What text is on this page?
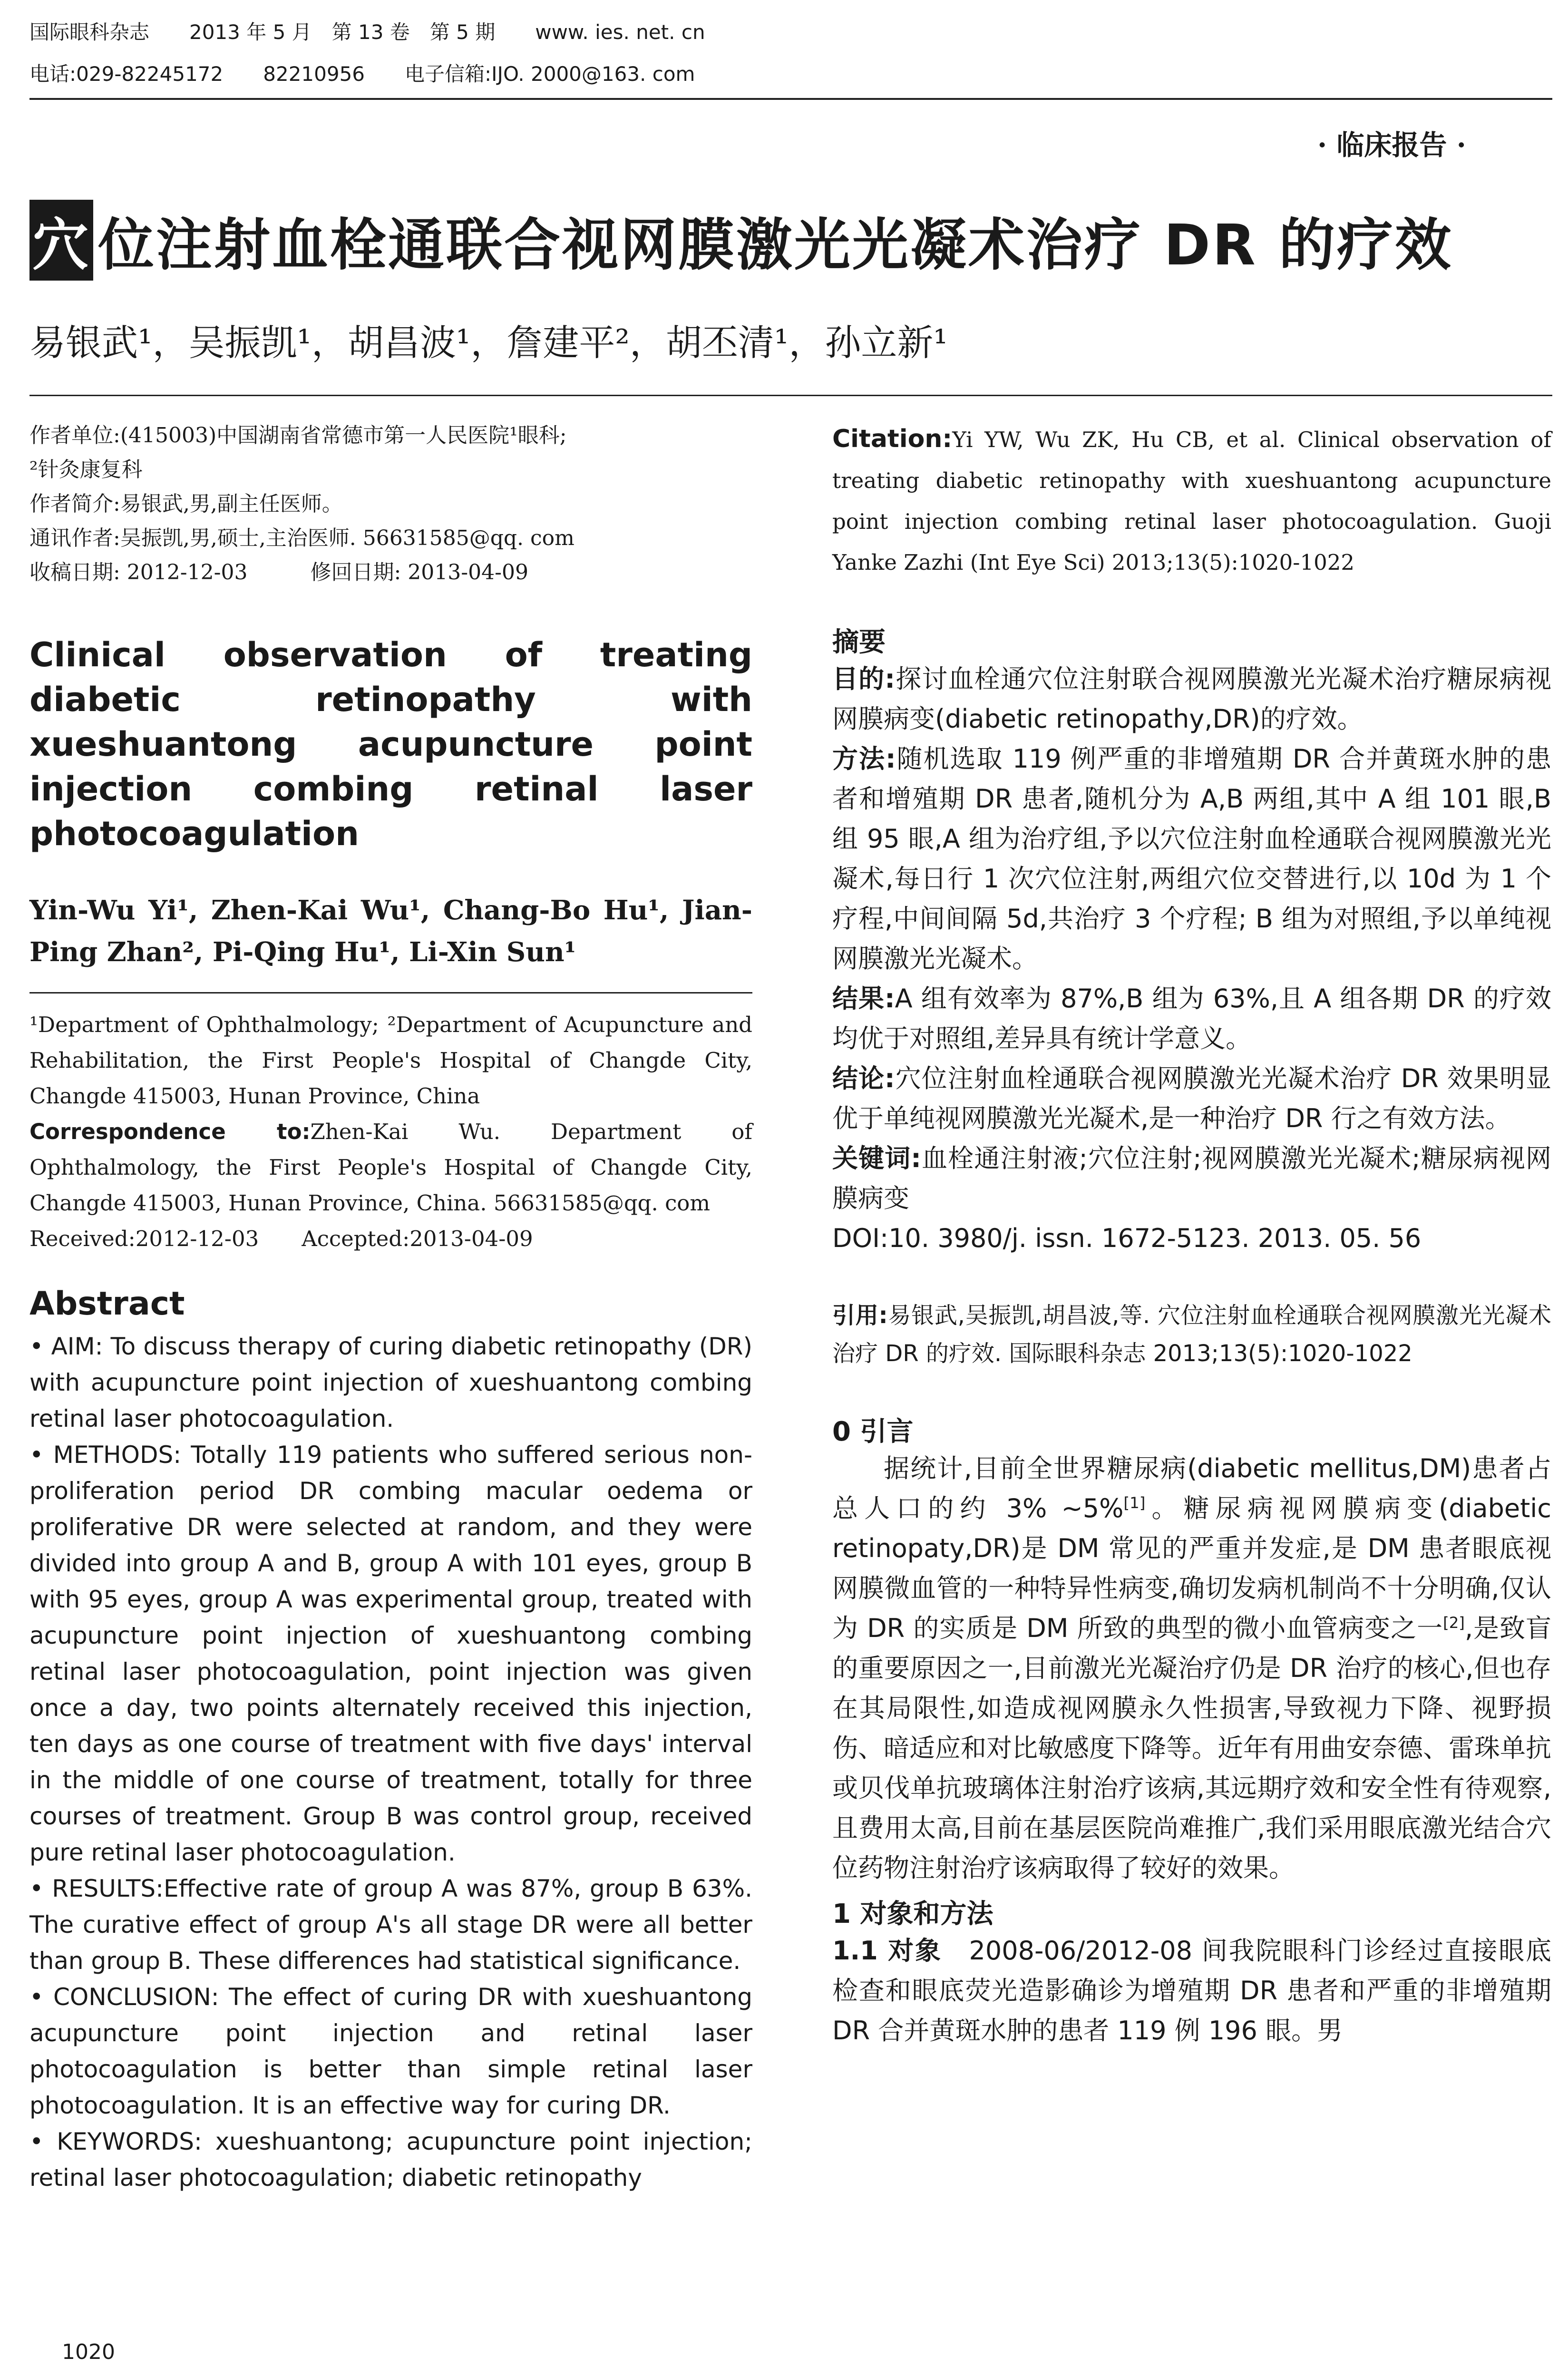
国际眼科杂志　　2013 年 5 月　第 13 卷　第 5 期　　www. ies. net. cn
电话:029-82245172　　82210956　　电子信箱:IJO. 2000@163. com
· 临床报告 ·
穴 位注射血栓通联合视网膜激光光凝术治疗 DR 的疗效
易银武¹，吴振凯¹，胡昌波¹，詹建平²，胡丕清¹，孙立新¹
作者单位:(415003)中国湖南省常德市第一人民医院¹眼科;
²针灸康复科
作者简介:易银武,男,副主任医师。
通讯作者:吴振凯,男,硕士,主治医师. 56631585@qq. com
收稿日期: 2012-12-03　　　修回日期: 2013-04-09
Clinical observation of treating diabetic retinopathy with xueshuantong acupuncture point injection combing retinal laser photocoagulation
Yin-Wu Yi¹, Zhen-Kai Wu¹, Chang-Bo Hu¹, Jian-Ping Zhan², Pi-Qing Hu¹, Li-Xin Sun¹
¹Department of Ophthalmology; ²Department of Acupuncture and Rehabilitation, the First People's Hospital of Changde City, Changde 415003, Hunan Province, China
Correspondence to:Zhen-Kai Wu. Department of Ophthalmology, the First People's Hospital of Changde City, Changde 415003, Hunan Province, China. 56631585@qq. com
Received:2012-12-03　　Accepted:2013-04-09
Abstract

• AIM: To discuss therapy of curing diabetic retinopathy (DR) with acupuncture point injection of xueshuantong combing retinal laser photocoagulation.

• METHODS: Totally 119 patients who suffered serious non-proliferation period DR combing macular oedema or proliferative DR were selected at random, and they were divided into group A and B, group A with 101 eyes, group B with 95 eyes, group A was experimental group, treated with acupuncture point injection of xueshuantong combing retinal laser photocoagulation, point injection was given once a day, two points alternately received this injection, ten days as one course of treatment with five days' interval in the middle of one course of treatment, totally for three courses of treatment. Group B was control group, received pure retinal laser photocoagulation.

• RESULTS:Effective rate of group A was 87%, group B 63%. The curative effect of group A's all stage DR were all better than group B. These differences had statistical significance.

• CONCLUSION: The effect of curing DR with xueshuantong acupuncture point injection and retinal laser photocoagulation is better than simple retinal laser photocoagulation. It is an effective way for curing DR.

• KEYWORDS: xueshuantong; acupuncture point injection; retinal laser photocoagulation; diabetic retinopathy

Citation:Yi YW, Wu ZK, Hu CB, et al. Clinical observation of treating diabetic retinopathy with xueshuantong acupuncture point injection combing retinal laser photocoagulation. Guoji Yanke Zazhi (Int Eye Sci) 2013;13(5):1020-1022
摘要

目的:探讨血栓通穴位注射联合视网膜激光光凝术治疗糖尿病视网膜病变(diabetic retinopathy,DR)的疗效。

方法:随机选取 119 例严重的非增殖期 DR 合并黄斑水肿的患者和增殖期 DR 患者,随机分为 A,B 两组,其中 A 组 101 眼,B 组 95 眼,A 组为治疗组,予以穴位注射血栓通联合视网膜激光光凝术,每日行 1 次穴位注射,两组穴位交替进行,以 10d 为 1 个疗程,中间间隔 5d,共治疗 3 个疗程; B 组为对照组,予以单纯视网膜激光光凝术。

结果:A 组有效率为 87%,B 组为 63%,且 A 组各期 DR 的疗效均优于对照组,差异具有统计学意义。

结论:穴位注射血栓通联合视网膜激光光凝术治疗 DR 效果明显优于单纯视网膜激光光凝术,是一种治疗 DR 行之有效方法。

关键词:血栓通注射液;穴位注射;视网膜激光光凝术;糖尿病视网膜病变

DOI:10. 3980/j. issn. 1672-5123. 2013. 05. 56

引用:易银武,吴振凯,胡昌波,等. 穴位注射血栓通联合视网膜激光光凝术治疗 DR 的疗效. 国际眼科杂志 2013;13(5):1020-1022

0 引言

据统计,目前全世界糖尿病(diabetic mellitus,DM)患者占总人口的约 3% ~5%[1]。糖尿病视网膜病变(diabetic retinopaty,DR)是 DM 常见的严重并发症,是 DM 患者眼底视网膜微血管的一种特异性病变,确切发病机制尚不十分明确,仅认为 DR 的实质是 DM 所致的典型的微小血管病变之一[2],是致盲的重要原因之一,目前激光光凝治疗仍是 DR 治疗的核心,但也存在其局限性,如造成视网膜永久性损害,导致视力下降、视野损伤、暗适应和对比敏感度下降等。近年有用曲安奈德、雷珠单抗或贝伐单抗玻璃体注射治疗该病,其远期疗效和安全性有待观察,且费用太高,目前在基层医院尚难推广,我们采用眼底激光结合穴位药物注射治疗该病取得了较好的效果。

1 对象和方法

1.1 对象　 2008-06/2012-08 间我院眼科门诊经过直接眼底检查和眼底荧光造影确诊为增殖期 DR 患者和严重的非增殖期 DR 合并黄斑水肿的患者 119 例 196 眼。男

1020
